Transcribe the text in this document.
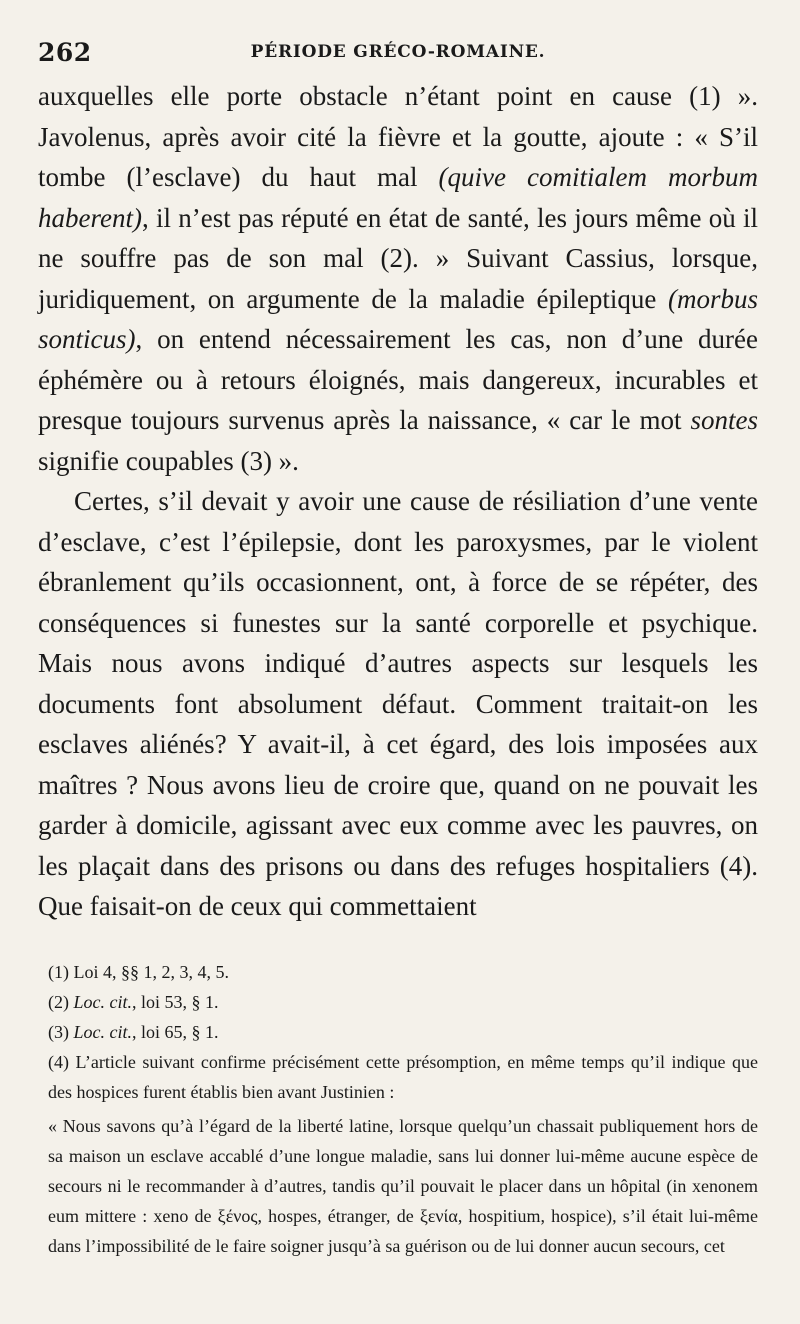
262	PÉRIODE GRÉCO-ROMAINE.

auxquelles elle porte obstacle n’étant point en cause (1) ». Javolenus, après avoir cité la fièvre et la goutte, ajoute : « S’il tombe (l’esclave) du haut mal (quive comitialem morbum haberent), il n’est pas réputé en état de santé, les jours même où il ne souffre pas de son mal (2). » Suivant Cassius, lorsque, juridiquement, on argumente de la maladie épileptique (morbus sonticus), on entend nécessairement les cas, non d’une durée éphémère ou à retours éloignés, mais dangereux, incurables et presque toujours survenus après la naissance, « car le mot sontes signifie coupables (3) ».

Certes, s’il devait y avoir une cause de résiliation d’une vente d’esclave, c’est l’épilepsie, dont les paroxysmes, par le violent ébranlement qu’ils occasionnent, ont, à force de se répéter, des conséquences si funestes sur la santé corporelle et psychique. Mais nous avons indiqué d’autres aspects sur lesquels les documents font absolument défaut. Comment traitait-on les esclaves aliénés? Y avait-il, à cet égard, des lois imposées aux maîtres ? Nous avons lieu de croire que, quand on ne pouvait les garder à domicile, agissant avec eux comme avec les pauvres, on les plaçait dans des prisons ou dans des refuges hospitaliers (4). Que faisait-on de ceux qui commettaient

(1) Loi 4, §§ 1, 2, 3, 4, 5.

(2) Loc. cit., loi 53, § 1.

(3) Loc. cit., loi 65, § 1.

(4) L’article suivant confirme précisément cette présomption, en même temps qu’il indique que des hospices furent établis bien avant Justinien :

« Nous savons qu’à l’égard de la liberté latine, lorsque quelqu’un chassait publiquement hors de sa maison un esclave accablé d’une longue maladie, sans lui donner lui-même aucune espèce de secours ni le recommander à d’autres, tandis qu’il pouvait le placer dans un hôpital (in xenonem eum mittere : xeno de ξένος, hospes, étranger, de ξενία, hospitium, hospice), s’il était lui-même dans l’impossibilité de le faire soigner jusqu’à sa guérison ou de lui donner aucun secours, cet
